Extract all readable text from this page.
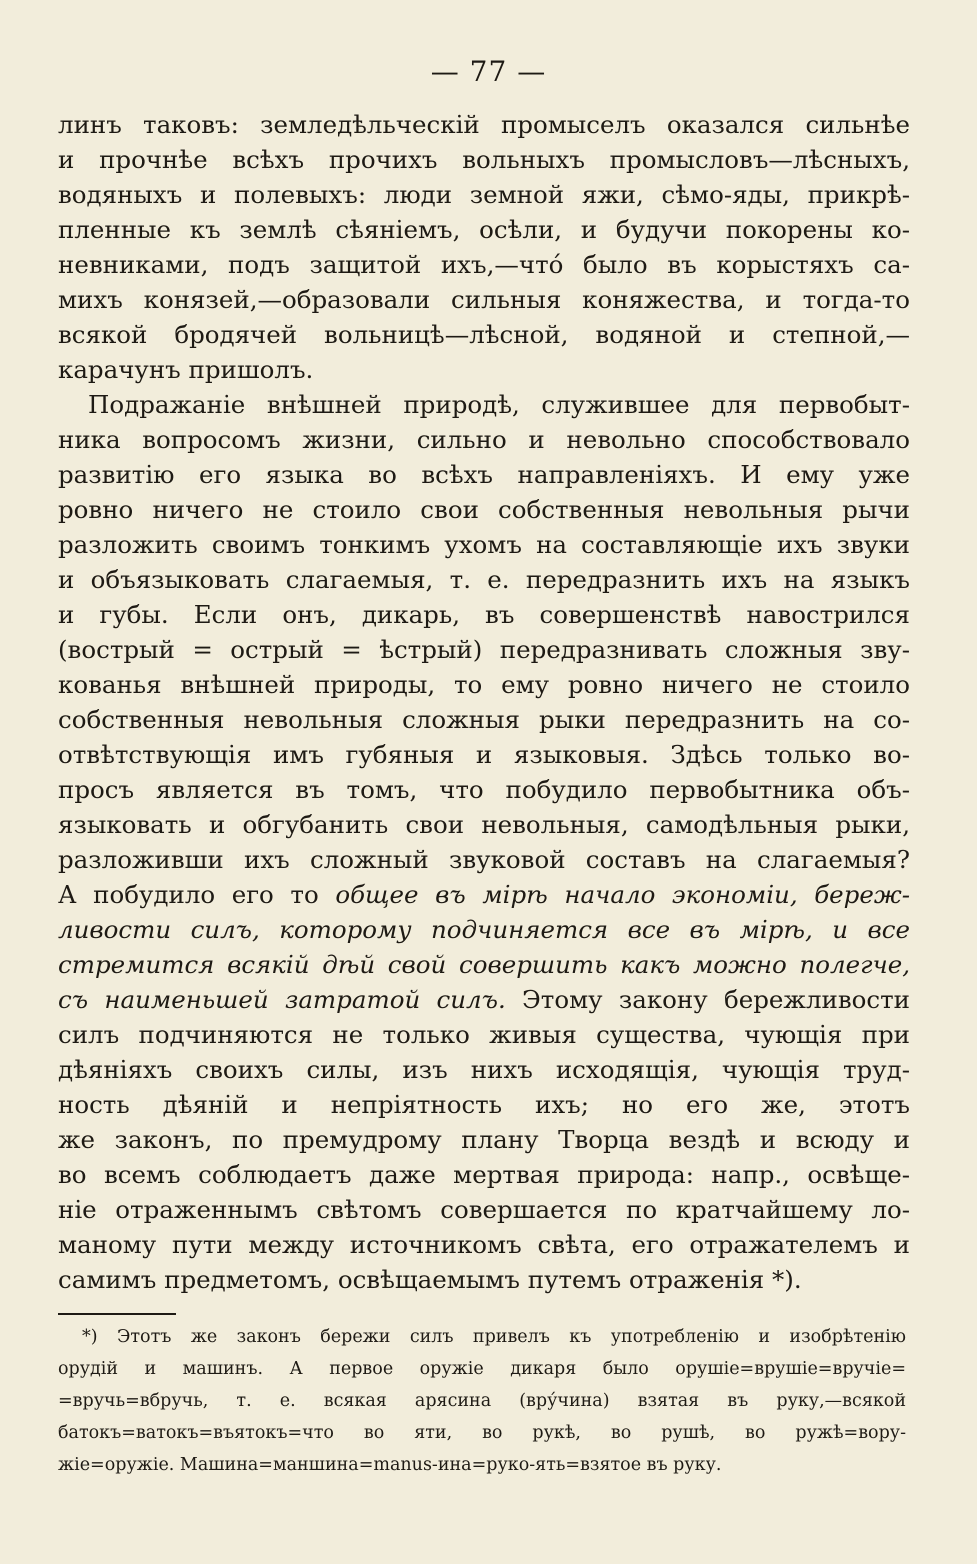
— 77 —
линъ таковъ: земледѣльческiй промыселъ оказался сильнѣе
и прочнѣе всѣхъ прочихъ вольныхъ промысловъ—лѣсныхъ,
водяныхъ и полевыхъ: люди земной яжи, сѣмо-яды, прикрѣ-
пленные къ землѣ сѣянiемъ, осѣли, и будучи покорены ко-
невниками, подъ защитой ихъ,—что́ было въ корыстяхъ са-
михъ конязей,—образовали сильныя коняжества, и тогда-то
всякой бродячей вольницѣ—лѣсной, водяной и степной,—
карачунъ пришолъ.
Подражанiе внѣшней природѣ, служившее для первобыт-
ника вопросомъ жизни, сильно и невольно способствовало
развитiю его языка во всѣхъ направленiяхъ. И ему уже
ровно ничего не стоило свои собственныя невольныя рычи
разложить своимъ тонкимъ ухомъ на составляющiе ихъ звуки
и объязыковать слагаемыя, т. е. передразнить ихъ на языкъ
и губы. Если онъ, дикарь, въ совершенствѣ навострился
(вострый = острый = ѣстрый) передразнивать сложныя зву-
кованья внѣшней природы, то ему ровно ничего не стоило
собственныя невольныя сложныя рыки передразнить на со-
отвѣтствующiя имъ губяныя и языковыя. Здѣсь только во-
просъ является въ томъ, что побудило первобытника объ-
языковать и обгубанить свои невольныя, самодѣльныя рыки,
разложивши ихъ сложный звуковой составъ на слагаемыя?
А побудило его то общее въ мiрѣ начало экономiи, береж-
ливости силъ, которому подчиняется все въ мiрѣ, и все
стремится всякiй дѣй свой совершить какъ можно полегче,
съ наименьшей затратой силъ. Этому закону бережливости
силъ подчиняются не только живыя существа, чующiя при
дѣянiяхъ своихъ силы, изъ нихъ исходящiя, чующiя труд-
ность дѣянiй и непрiятность ихъ; но его же, этотъ
же законъ, по премудрому плану Творца вездѣ и всюду и
во всемъ соблюдаетъ даже мертвая природа: напр., освѣще-
нiе отраженнымъ свѣтомъ совершается по кратчайшему ло-
маному пути между источникомъ свѣта, его отражателемъ и
самимъ предметомъ, освѣщаемымъ путемъ отраженiя *).
*) Этотъ же законъ бережи силъ привелъ къ употребленiю и изобрѣтенiю
орудiй и машинъ. А первое оружiе дикаря было орушiе=врушiе=вручiе=
=вручь=вбручь, т. е. всякая арясина (вру́чина) взятая въ руку,—всякой
батокъ=ватокъ=въятокъ=что во яти, во рукѣ, во рушѣ, во ружѣ=вору-
жiе=оружiе. Машина=маншина=manus-ина=руко-ять=взятое въ руку.
